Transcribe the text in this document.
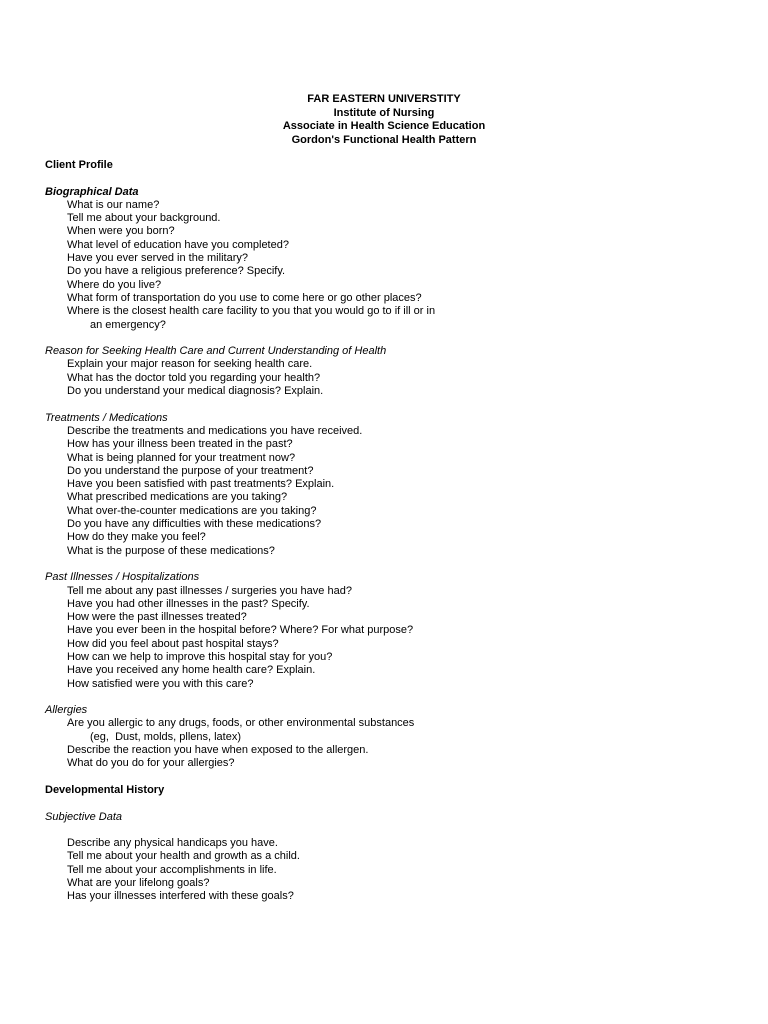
FAR EASTERN UNIVERSTITY
Institute of Nursing
Associate in Health Science Education
Gordon's Functional Health Pattern
Client Profile
Biographical Data
What is our name?
Tell me about your background.
When were you born?
What level of education have you completed?
Have you ever served in the military?
Do you have a religious preference? Specify.
Where do you live?
What form of transportation do you use to come here or go other places?
Where is the closest health care facility to you that you would go to if ill or in
an emergency?
Reason for Seeking Health Care and Current Understanding of Health
Explain your major reason for seeking health care.
What has the doctor told you regarding your health?
Do you understand your medical diagnosis? Explain.
Treatments / Medications
Describe the treatments and medications you have received.
How has your illness been treated in the past?
What is being planned for your treatment now?
Do you understand the purpose of your treatment?
Have you been satisfied with past treatments? Explain.
What prescribed medications are you taking?
What over-the-counter medications are you taking?
Do you have any difficulties with these medications?
How do they make you feel?
What is the purpose of these medications?
Past Illnesses / Hospitalizations
Tell me about any past illnesses / surgeries you have had?
Have you had other illnesses in the past? Specify.
How were the past illnesses treated?
Have you ever been in the hospital before? Where? For what purpose?
How did you feel about past hospital stays?
How can we help to improve this hospital stay for you?
Have you received any home health care? Explain.
How satisfied were you with this care?
Allergies
Are you allergic to any drugs, foods, or other environmental substances
(eg,  Dust, molds, pllens, latex)
Describe the reaction you have when exposed to the allergen.
What do you do for your allergies?
Developmental History
Subjective Data
Describe any physical handicaps you have.
Tell me about your health and growth as a child.
Tell me about your accomplishments in life.
What are your lifelong goals?
Has your illnesses interfered with these goals?
